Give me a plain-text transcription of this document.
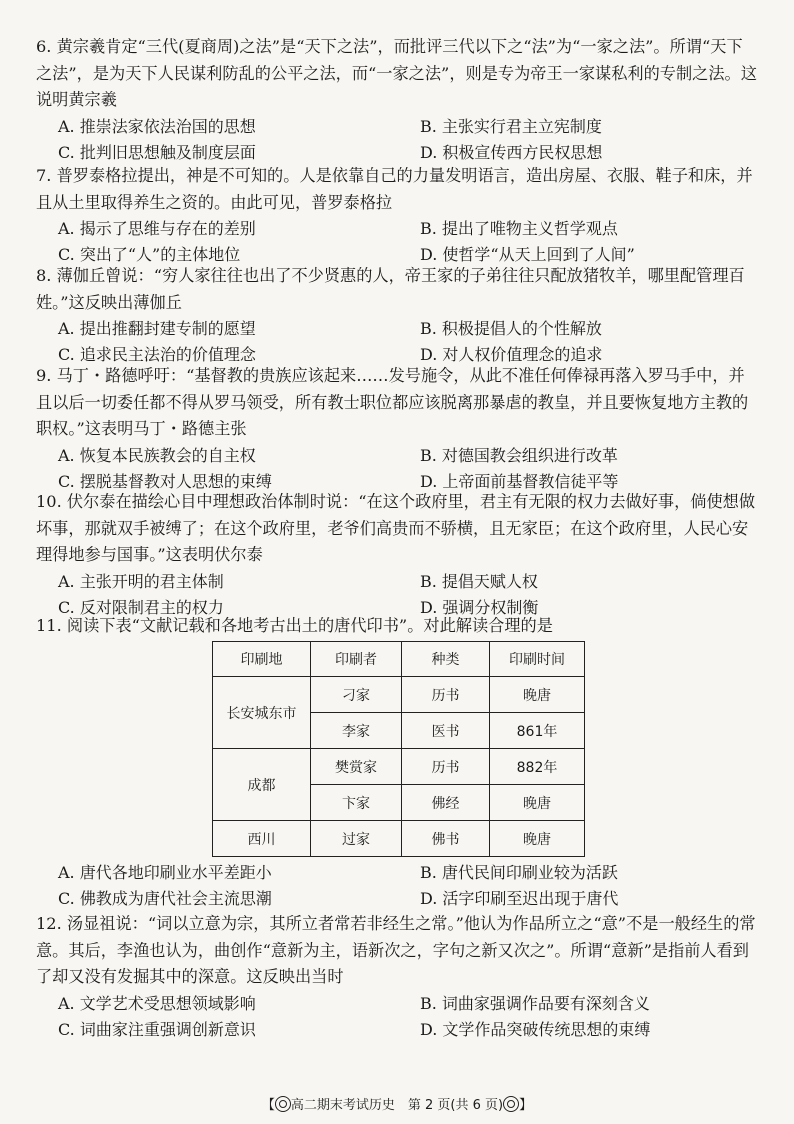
6. 黄宗羲肯定“三代(夏商周)之法”是“天下之法”，而批评三代以下之“法”为“一家之法”。所谓“天下之法”，是为天下人民谋利防乱的公平之法，而“一家之法”，则是专为帝王一家谋私利的专制之法。这说明黄宗羲

A. 推崇法家依法治国的思想	B. 主张实行君主立宪制度
C. 批判旧思想触及制度层面	D. 积极宣传西方民权思想

7. 普罗泰格拉提出，神是不可知的。人是依靠自己的力量发明语言，造出房屋、衣服、鞋子和床，并且从土里取得养生之资的。由此可见，普罗泰格拉

A. 揭示了思维与存在的差别	B. 提出了唯物主义哲学观点
C. 突出了“人”的主体地位	D. 使哲学“从天上回到了人间”

8. 薄伽丘曾说：“穷人家往往也出了不少贤惠的人，帝王家的子弟往往只配放猪牧羊，哪里配管理百姓。”这反映出薄伽丘

A. 提出推翻封建专制的愿望	B. 积极提倡人的个性解放
C. 追求民主法治的价值理念	D. 对人权价值理念的追求

9. 马丁・路德呼吁：“基督教的贵族应该起来……发号施令，从此不准任何俸禄再落入罗马手中，并且以后一切委任都不得从罗马领受，所有教士职位都应该脱离那暴虐的教皇，并且要恢复地方主教的职权。”这表明马丁・路德主张

A. 恢复本民族教会的自主权	B. 对德国教会组织进行改革
C. 摆脱基督教对人思想的束缚	D. 上帝面前基督教信徒平等

10. 伏尔泰在描绘心目中理想政治体制时说：“在这个政府里，君主有无限的权力去做好事，倘使想做坏事，那就双手被缚了；在这个政府里，老爷们高贵而不骄横，且无家臣；在这个政府里，人民心安理得地参与国事。”这表明伏尔泰

A. 主张开明的君主体制	B. 提倡天赋人权
C. 反对限制君主的权力	D. 强调分权制衡

11. 阅读下表“文献记载和各地考古出土的唐代印书”。对此解读合理的是

印刷地	印刷者	种类	印刷时间
长安城东市	刁家	历书	晚唐
	李家	医书	861年
成都	樊赏家	历书	882年
	卞家	佛经	晚唐
西川	过家	佛书	晚唐
A. 唐代各地印刷业水平差距小	B. 唐代民间印刷业较为活跃
C. 佛教成为唐代社会主流思潮	D. 活字印刷至迟出现于唐代

12. 汤显祖说：“词以立意为宗，其所立者常若非经生之常。”他认为作品所立之“意”不是一般经生的常意。其后，李渔也认为，曲创作“意新为主，语新次之，字句之新又次之”。所谓“意新”是指前人看到了却又没有发掘其中的深意。这反映出当时

A. 文学艺术受思想领域影响	B. 词曲家强调作品要有深刻含义
C. 词曲家注重强调创新意识	D. 文学作品突破传统思想的束缚
【 高二期末考试历史　第 2 页(共 6 页) 】
